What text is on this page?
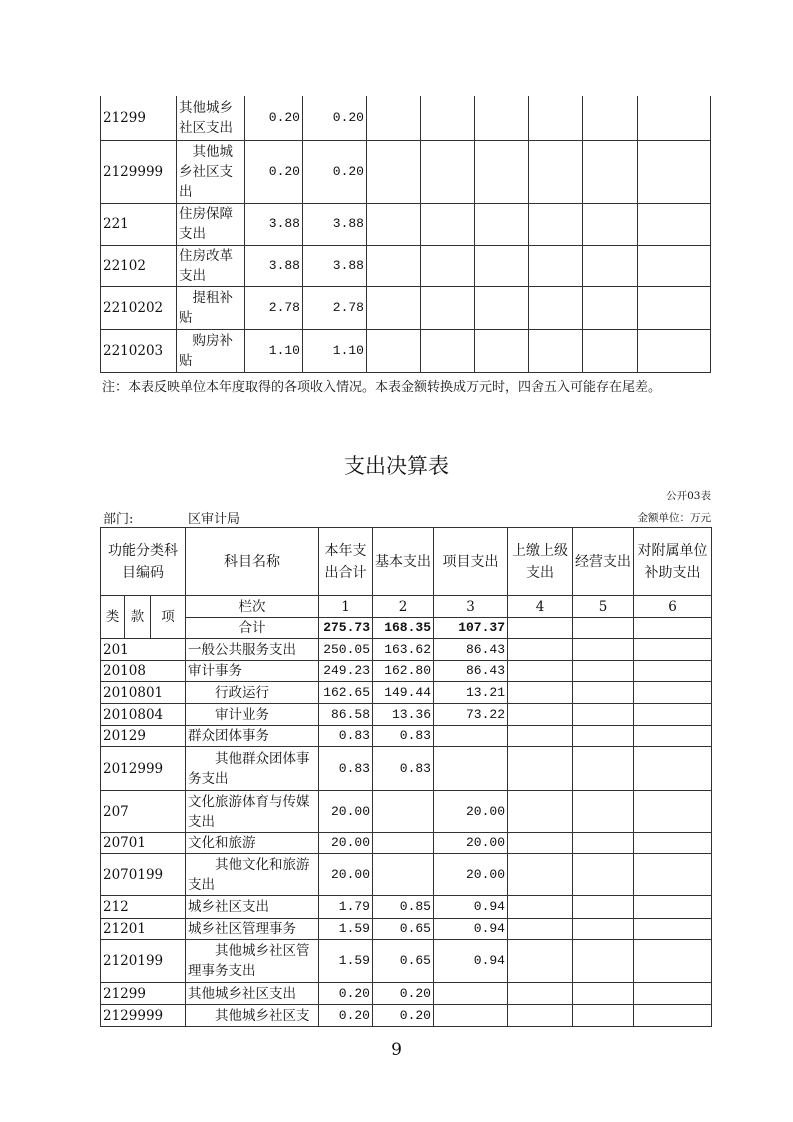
21299	其他城乡社区支出	0.20	0.20						
2129999	其他城乡社区支出	0.20	0.20						
221	住房保障支出	3.88	3.88						
22102	住房改革支出	3.88	3.88						
2210202	提租补贴	2.78	2.78						
2210203	购房补贴	1.10	1.10						
注：本表反映单位本年度取得的各项收入情况。本表金额转换成万元时，四舍五入可能存在尾差。
支出决算表
公开03表
部门:	区审计局	金额单位：万元
功能分类科目编码			科目名称	本年支出合计	基本支出	项目支出	上缴上级支出	经营支出	对附属单位补助支出
类	款	项	栏次	1	2	3	4	5	6
			合计	275.73	168.35	107.37			
201			一般公共服务支出	250.05	163.62	86.43			
20108			审计事务	249.23	162.80	86.43			
2010801			行政运行	162.65	149.44	13.21			
2010804			审计业务	86.58	13.36	73.22			
20129			群众团体事务	0.83	0.83				
2012999			其他群众团体事务支出	0.83	0.83				
207			文化旅游体育与传媒支出	20.00		20.00			
20701			文化和旅游	20.00		20.00			
2070199			其他文化和旅游支出	20.00		20.00			
212			城乡社区支出	1.79	0.85	0.94			
21201			城乡社区管理事务	1.59	0.65	0.94			
2120199			其他城乡社区管理事务支出	1.59	0.65	0.94			
21299			其他城乡社区支出	0.20	0.20				
2129999			其他城乡社区支	0.20	0.20				
9
